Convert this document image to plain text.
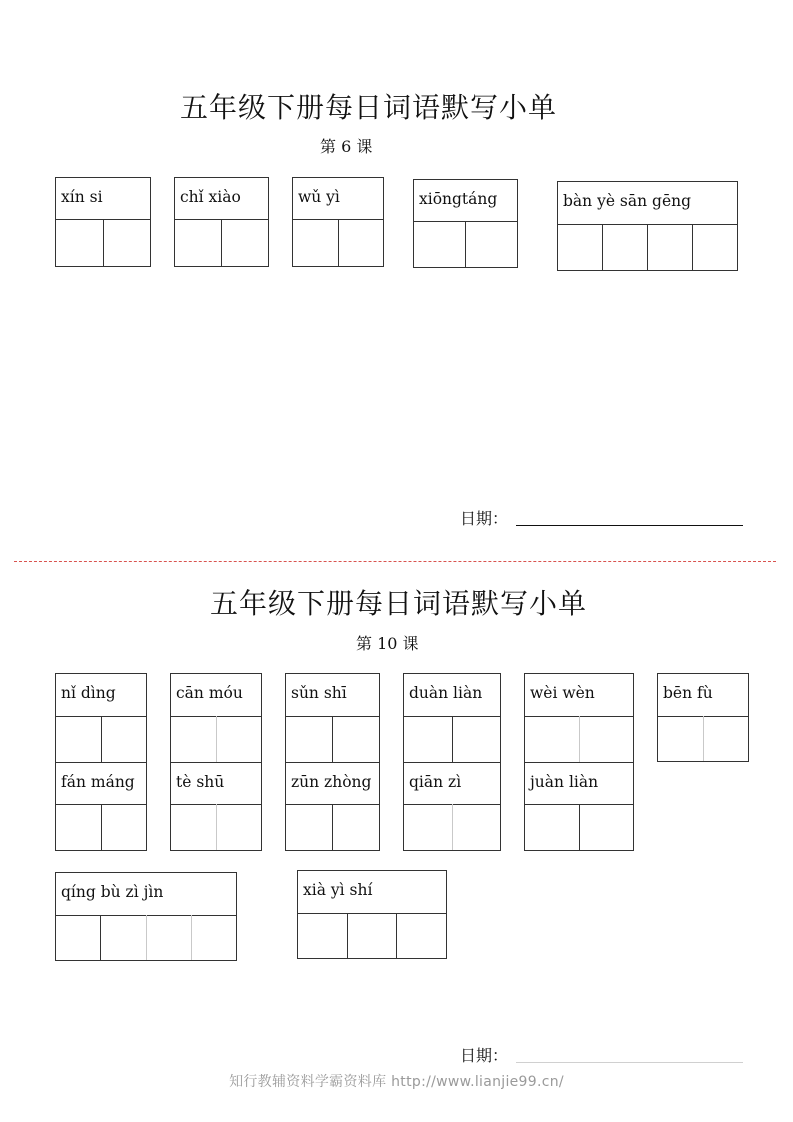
五年级下册每日词语默写小单
第 6 课
xín si	chǐ xiào	wǔ yì	xiōngtáng	bàn yè sān gēng
日期：
五年级下册每日词语默写小单
第 10 课
nǐ dìng	cān móu	sǔn shī	duàn liàn	wèi wèn	bēn fù
fán máng	tè shū	zūn zhòng	qiān zì	juàn liàn
qíng bù zì jìn	xià yì shí
日期：
知行教辅资料学霸资料库 http://www.lianjie99.cn/
